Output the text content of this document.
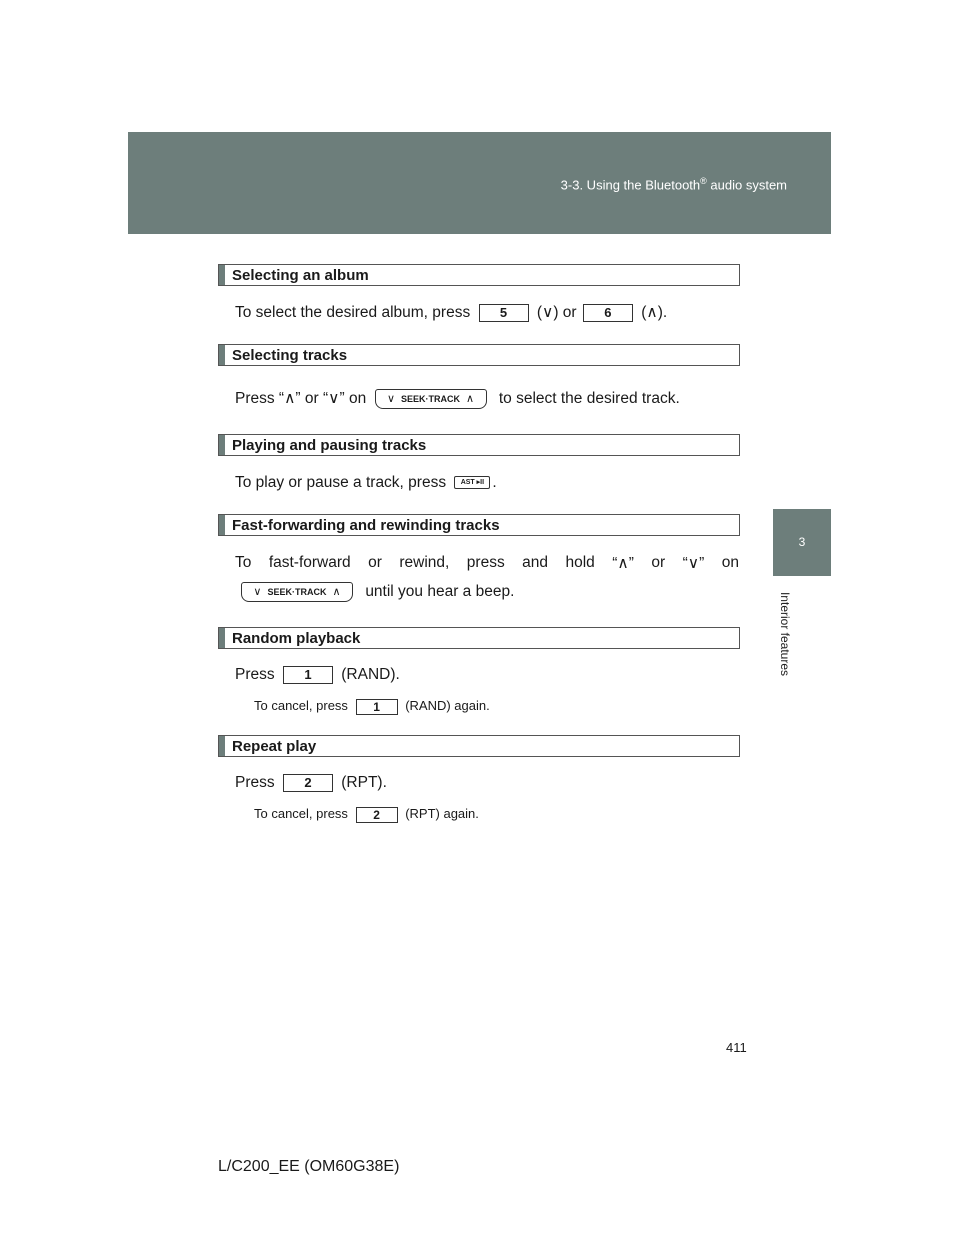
3-3. Using the Bluetooth® audio system
3
Interior features
Selecting an album
To select the desired album, press 5 (∨) or 6 (∧).
Selecting tracks
Press “∧” or “∨” on ∨ SEEK·TRACK ∧ to select the desired track.
Playing and pausing tracks
To play or pause a track, press AST ▸II .
Fast-forwarding and rewinding tracks
To fast-forward or rewind, press and hold “∧” or “∨” on
∨ SEEK·TRACK ∧ until you hear a beep.
Random playback
Press 1 (RAND).
To cancel, press 1 (RAND) again.
Repeat play
Press 2 (RPT).
To cancel, press 2 (RPT) again.
411
L/C200_EE (OM60G38E)
